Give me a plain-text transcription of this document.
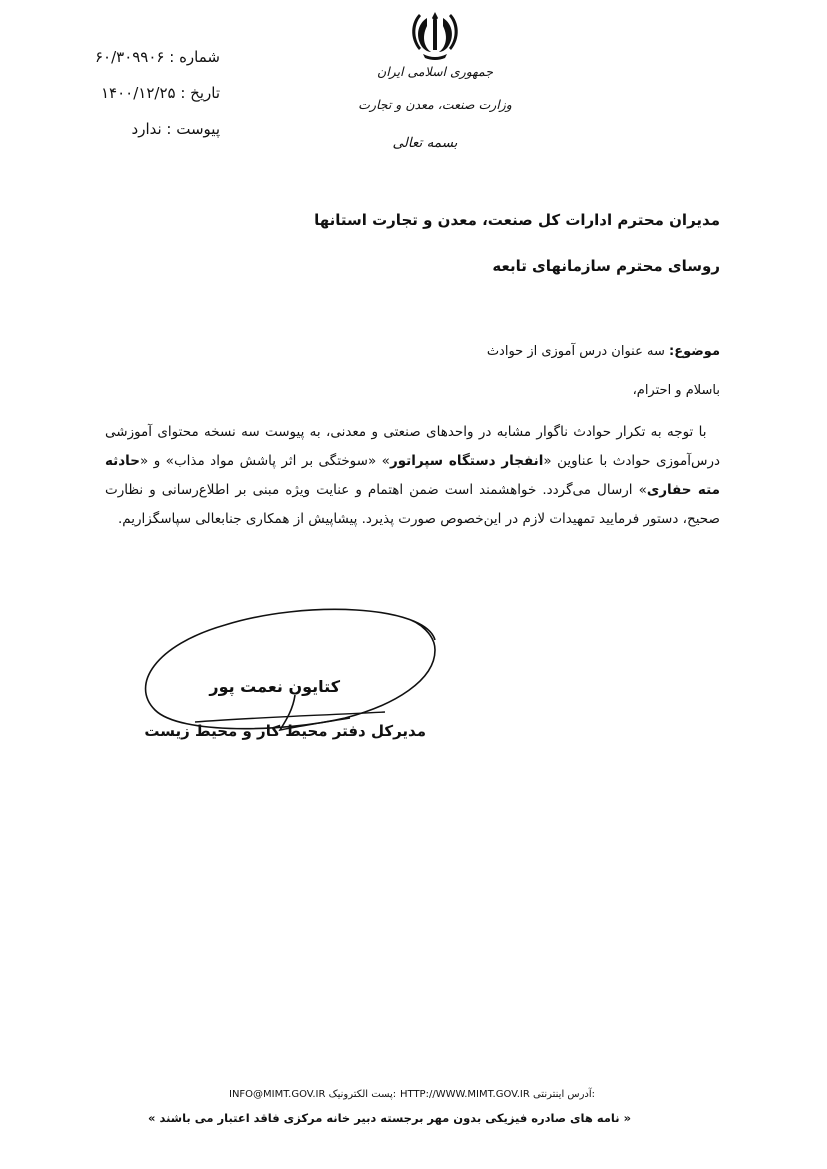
شماره : ۶۰/۳۰۹۹۰۶
تاریخ : ۱۴۰۰/۱۲/۲۵
پیوست : ندارد
جمهوری اسلامی ایران
وزارت صنعت، معدن و تجارت
بسمه تعالی
مدیران محترم ادارات کل صنعت، معدن و تجارت استانها
روسای محترم سازمانهای تابعه
موضوع: سه عنوان درس آموزی از حوادث
باسلام و احترام،
 با توجه به تکرار حوادث ناگوار مشابه در واحدهای صنعتی و معدنی، به پیوست سه نسخه محتوای آموزشی درس‌آموزی حوادث با عناوین «انفجار دستگاه سپراتور» «سوختگی بر اثر پاشش مواد مذاب» و «حادثه مته حفاری» ارسال می‌گردد. خواهشمند است ضمن اهتمام و عنایت ویژه مبنی بر اطلاع‌رسانی و نظارت صحیح، دستور فرمایید تمهیدات لازم در این‌خصوص صورت پذیرد. پیشاپیش از همکاری جنابعالی سپاسگزاریم.
کتایون نعمت پور
مدیرکل دفتر محیط کار و محیط زیست
INFO@MIMT.GOV.IR :پست الکترونیک HTTP://WWW.MIMT.GOV.IR :آدرس اینترنتی
« نامه های صادره فیزیکی بدون مهر برجسته دبیر خانه مرکزی فاقد اعتبار می باشند »
